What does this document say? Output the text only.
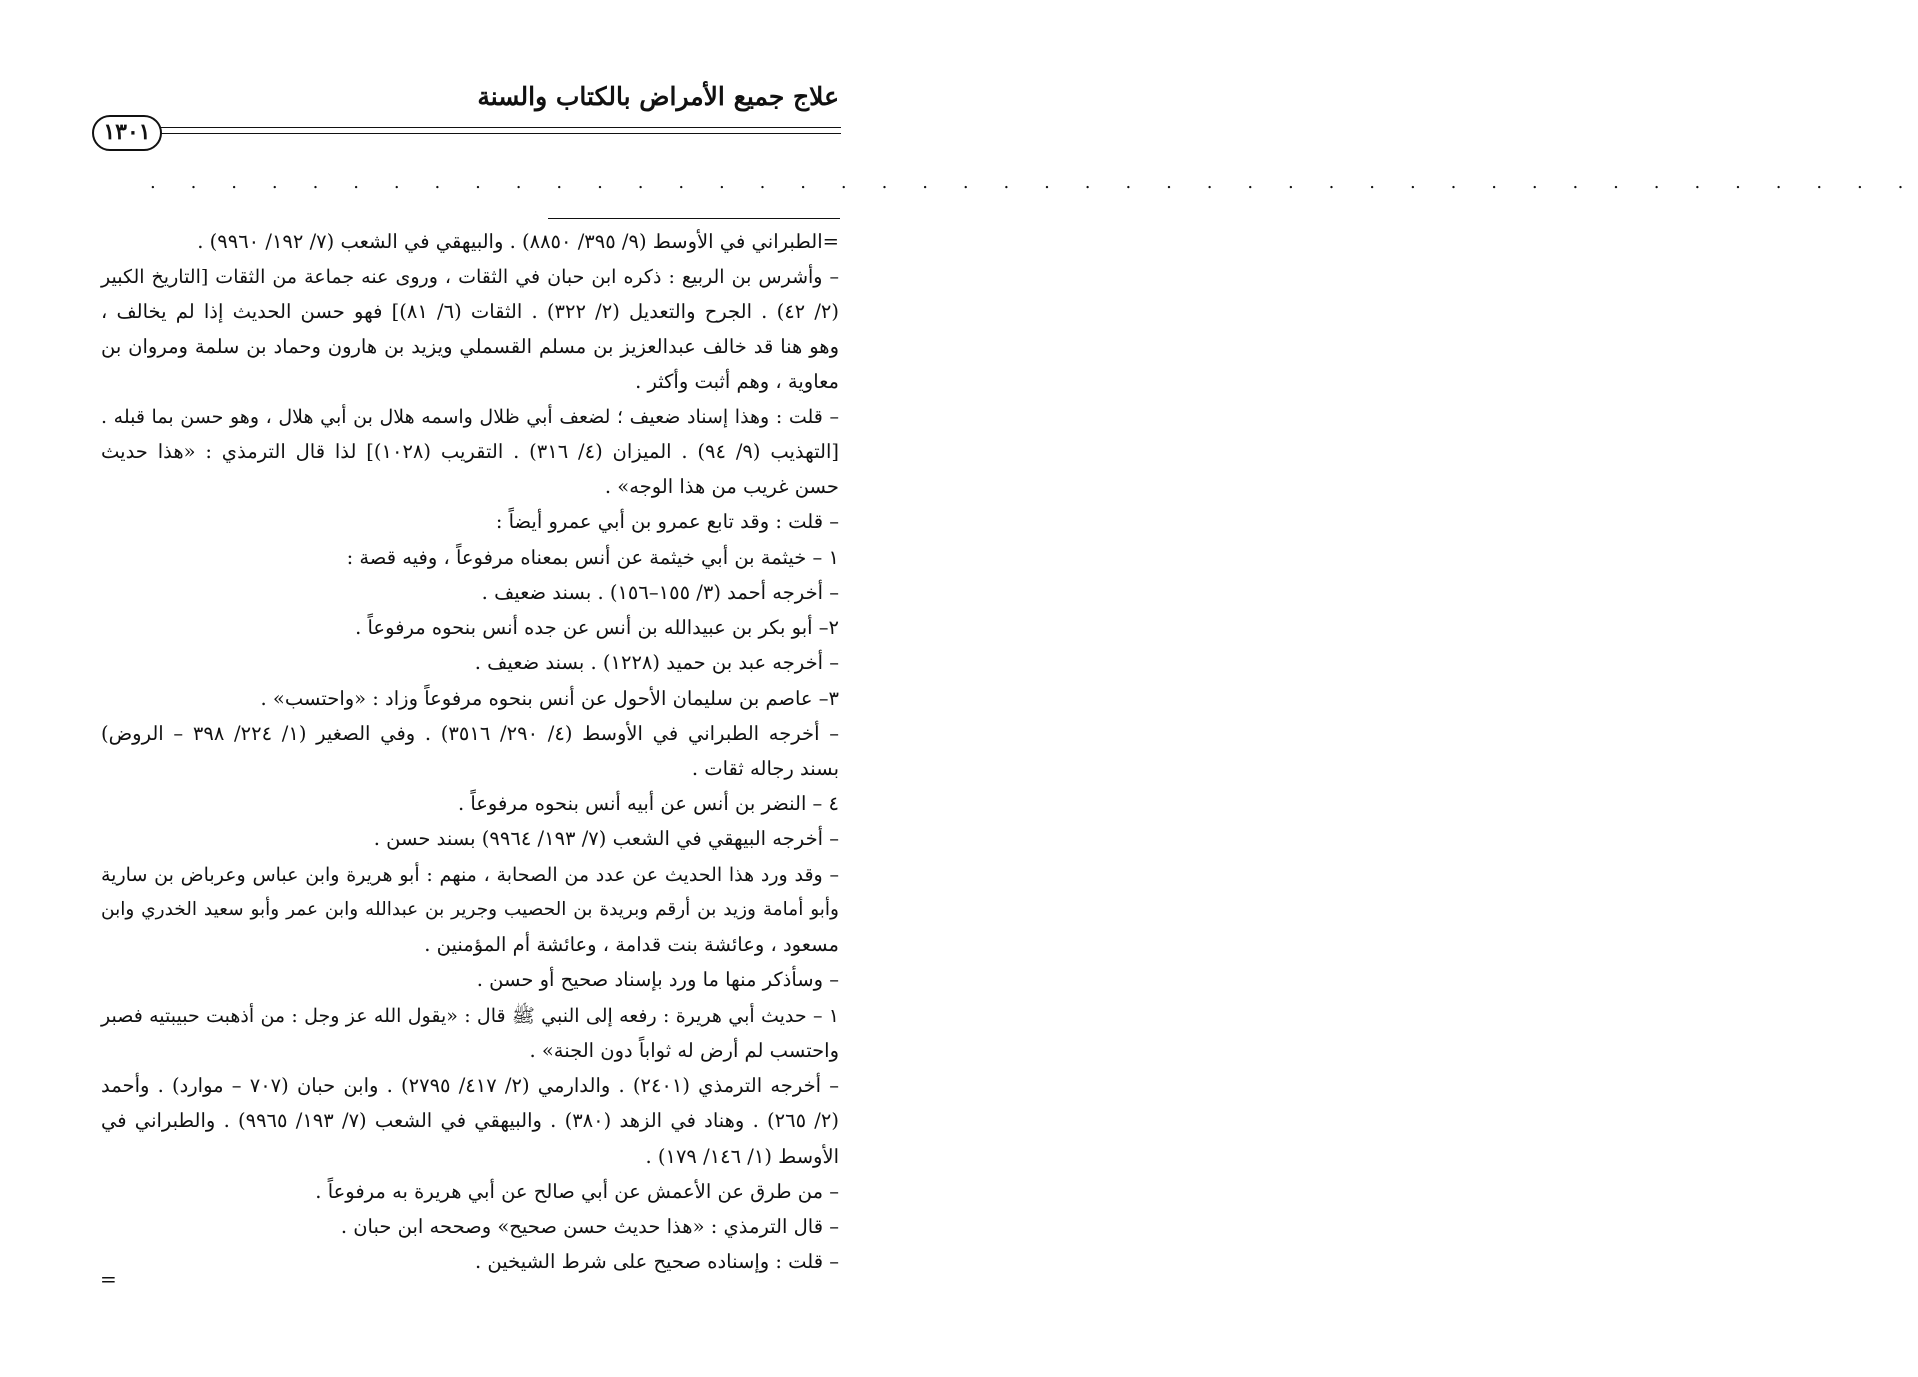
علاج جميع الأمراض بالكتاب والسنة
١٣٠١
. . . . . . . . . . . . . . . . . . . . . . . . . . . . . . . . . . . . . . . . . . . .
=الطبراني في الأوسط (٩/ ٣٩٥/ ٨٨٥٠) . والبيهقي في الشعب (٧/ ١٩٢/ ٩٩٦٠) .
– وأشرس بن الربيع : ذكره ابن حبان في الثقات ، وروى عنه جماعة من الثقات [التاريخ الكبير
(٢/ ٤٢) . الجرح والتعديل (٢/ ٣٢٢) . الثقات (٦/ ٨١)] فهو حسن الحديث إذا لم يخالف ،
وهو هنا قد خالف عبدالعزيز بن مسلم القسملي ويزيد بن هارون وحماد بن سلمة ومروان بن
معاوية ، وهم أثبت وأكثر .
– قلت : وهذا إسناد ضعيف ؛ لضعف أبي ظلال واسمه هلال بن أبي هلال ، وهو حسن بما قبله .
[التهذيب (٩/ ٩٤) . الميزان (٤/ ٣١٦) . التقريب (١٠٢٨)] لذا قال الترمذي : «هذا حديث
حسن غريب من هذا الوجه» .
– قلت : وقد تابع عمرو بن أبي عمرو أيضاً :
١ – خيثمة بن أبي خيثمة عن أنس بمعناه مرفوعاً ، وفيه قصة :
– أخرجه أحمد (٣/ ١٥٥–١٥٦) . بسند ضعيف .
٢– أبو بكر بن عبيدالله بن أنس عن جده أنس بنحوه مرفوعاً .
– أخرجه عبد بن حميد (١٢٢٨) . بسند ضعيف .
٣– عاصم بن سليمان الأحول عن أنس بنحوه مرفوعاً وزاد : «واحتسب» .
– أخرجه الطبراني في الأوسط (٤/ ٢٩٠/ ٣٥١٦) . وفي الصغير (١/ ٢٢٤/ ٣٩٨ – الروض)
بسند رجاله ثقات .
٤ – النضر بن أنس عن أبيه أنس بنحوه مرفوعاً .
– أخرجه البيهقي في الشعب (٧/ ١٩٣/ ٩٩٦٤) بسند حسن .
– وقد ورد هذا الحديث عن عدد من الصحابة ، منهم : أبو هريرة وابن عباس وعرباض بن سارية
وأبو أمامة وزيد بن أرقم وبريدة بن الحصيب وجرير بن عبدالله وابن عمر وأبو سعيد الخدري وابن
مسعود ، وعائشة بنت قدامة ، وعائشة أم المؤمنين .
– وسأذكر منها ما ورد بإسناد صحيح أو حسن .
١ – حديث أبي هريرة : رفعه إلى النبي ﷺ قال : «يقول الله عز وجل : من أذهبت حبيبتيه فصبر
واحتسب لم أرض له ثواباً دون الجنة» .
– أخرجه الترمذي (٢٤٠١) . والدارمي (٢/ ٤١٧/ ٢٧٩٥) . وابن حبان (٧٠٧ – موارد) . وأحمد
(٢/ ٢٦٥) . وهناد في الزهد (٣٨٠) . والبيهقي في الشعب (٧/ ١٩٣/ ٩٩٦٥) . والطبراني في
الأوسط (١/ ١٤٦/ ١٧٩) .
– من طرق عن الأعمش عن أبي صالح عن أبي هريرة به مرفوعاً .
– قال الترمذي : «هذا حديث حسن صحيح» وصححه ابن حبان .
– قلت : وإسناده صحيح على شرط الشيخين .
=
